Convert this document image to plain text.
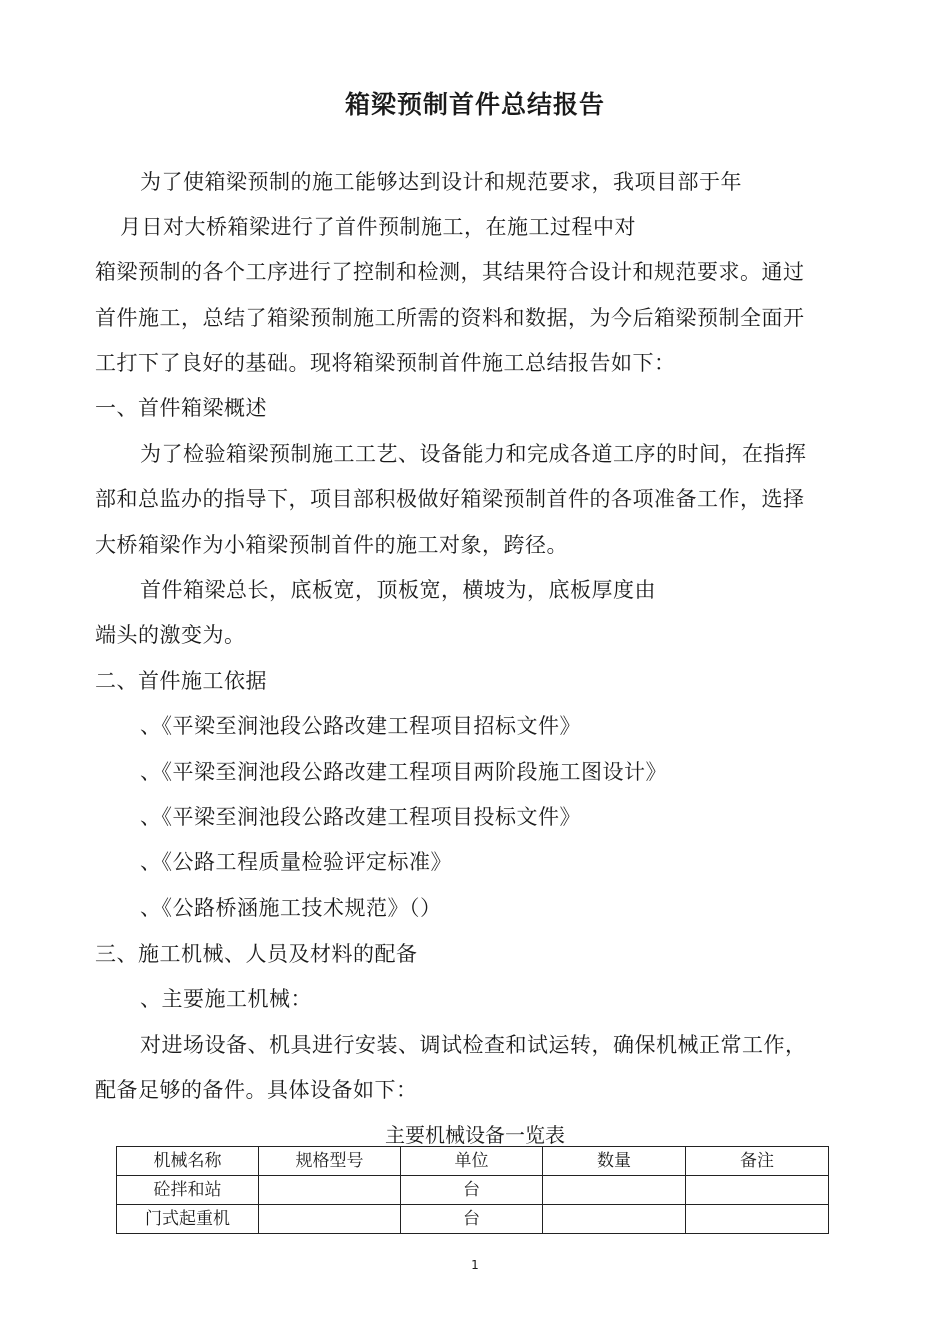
箱梁预制首件总结报告
为了使箱梁预制的施工能够达到设计和规范要求，我项目部于年
月日对大桥箱梁进行了首件预制施工，在施工过程中对
箱梁预制的各个工序进行了控制和检测，其结果符合设计和规范要求。通过
首件施工，总结了箱梁预制施工所需的资料和数据，为今后箱梁预制全面开
工打下了良好的基础。现将箱梁预制首件施工总结报告如下：
一、首件箱梁概述
为了检验箱梁预制施工工艺、设备能力和完成各道工序的时间，在指挥
部和总监办的指导下，项目部积极做好箱梁预制首件的各项准备工作，选择
大桥箱梁作为小箱梁预制首件的施工对象，跨径。
首件箱梁总长，底板宽，顶板宽，横坡为，底板厚度由
端头的激变为。
二、首件施工依据
、《平梁至涧池段公路改建工程项目招标文件》
、《平梁至涧池段公路改建工程项目两阶段施工图设计》
、《平梁至涧池段公路改建工程项目投标文件》
、《公路工程质量检验评定标准》
、《公路桥涵施工技术规范》（）
三、施工机械、人员及材料的配备
、主要施工机械：
对进场设备、机具进行安装、调试检查和试运转，确保机械正常工作，
配备足够的备件。具体设备如下：
主要机械设备一览表
机械名称	规格型号	单位	数量	备注
砼拌和站		台		
门式起重机		台		
1
